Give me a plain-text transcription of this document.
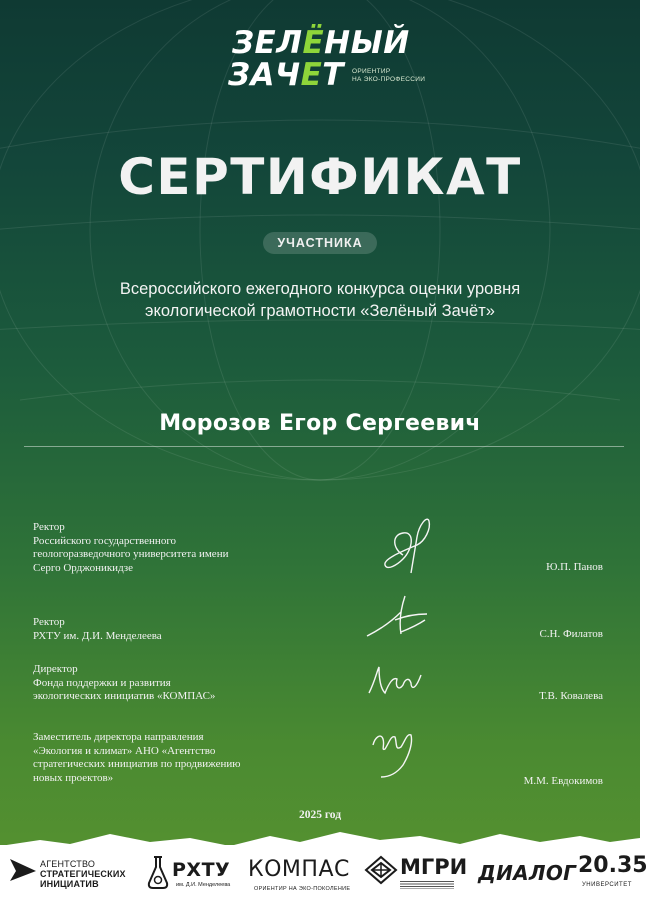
ЗЕЛЁНЫЙ
ЗАЧЕТ ОРИЕНТИР
НА ЭКО-ПРОФЕССИИ
СЕРТИФИКАТ
УЧАСТНИКА
Всероссийского ежегодного конкурса оценки уровня
экологической грамотности «Зелёный Зачёт»
Морозов Егор Сергеевич
Ректор
Российского государственного
геологоразведочного университета имени
Серго Орджоникидзе	Ю.П. Панов
Ректор
РХТУ им. Д.И. Менделеева	С.Н. Филатов
Директор
Фонда поддержки и развития
экологических инициатив «КОМПАС»	Т.В. Ковалева
Заместитель директора направления
«Экология и климат» АНО «Агентство
стратегических инициатив по продвижению
новых проектов»	М.М. Евдокимов
2025 год
АГЕНТСТВО
СТРАТЕГИЧЕСКИХ
ИНИЦИАТИВ
РХТУ
им. Д.И. Менделеева
КОМПАС
ОРИЕНТИР НА ЭКО-ПОКОЛЕНИЕ
МГРИ ДИАЛОГ 20.35
УНИВЕРСИТЕТ
